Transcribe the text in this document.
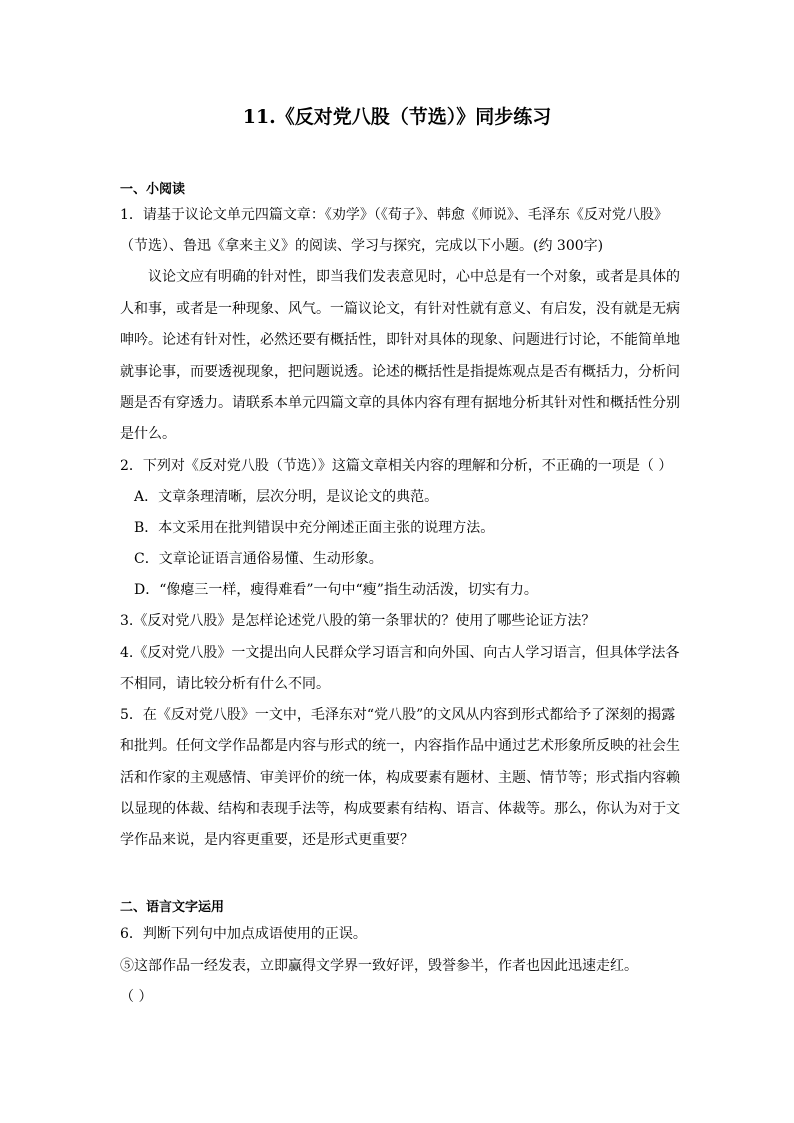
11.《反对党八股（节选）》同步练习
一、小阅读
1．请基于议论文单元四篇文章：《劝学》（《荀子》、韩愈《师说》、毛泽东《反对党八股》
（节选）、鲁迅《拿来主义》的阅读、学习与探究，完成以下小题。(约 300字)
议论文应有明确的针对性，即当我们发表意见时，心中总是有一个对象，或者是具体的
人和事，或者是一种现象、风气。一篇议论文，有针对性就有意义、有启发，没有就是无病
呻吟。论述有针对性，必然还要有概括性，即针对具体的现象、问题进行讨论，不能简单地
就事论事，而要透视现象，把问题说透。论述的概括性是指提炼观点是否有概括力，分析问
题是否有穿透力。请联系本单元四篇文章的具体内容有理有据地分析其针对性和概括性分别
是什么。
2．下列对《反对党八股（节选）》这篇文章相关内容的理解和分析，不正确的一项是（ ）
A．文章条理清晰，层次分明，是议论文的典范。
B．本文采用在批判错误中充分阐述正面主张的说理方法。
C．文章论证语言通俗易懂、生动形象。
D．“像瘪三一样，瘦得难看”一句中“瘦”指生动活泼，切实有力。
3.《反对党八股》是怎样论述党八股的第一条罪状的？使用了哪些论证方法？
4.《反对党八股》一文提出向人民群众学习语言和向外国、向古人学习语言，但具体学法各
不相同，请比较分析有什么不同。
5．在《反对党八股》一文中，毛泽东对“党八股”的文风从内容到形式都给予了深刻的揭露
和批判。任何文学作品都是内容与形式的统一，内容指作品中通过艺术形象所反映的社会生
活和作家的主观感情、审美评价的统一体，构成要素有题材、主题、情节等；形式指内容赖
以显现的体裁、结构和表现手法等，构成要素有结构、语言、体裁等。那么，你认为对于文
学作品来说，是内容更重要，还是形式更重要？
二、语言文字运用
6．判断下列句中加点成语使用的正误。
⑤这部作品一经发表，立即赢得文学界一致好评，毁誉参半，作者也因此迅速走红。
（ ）
